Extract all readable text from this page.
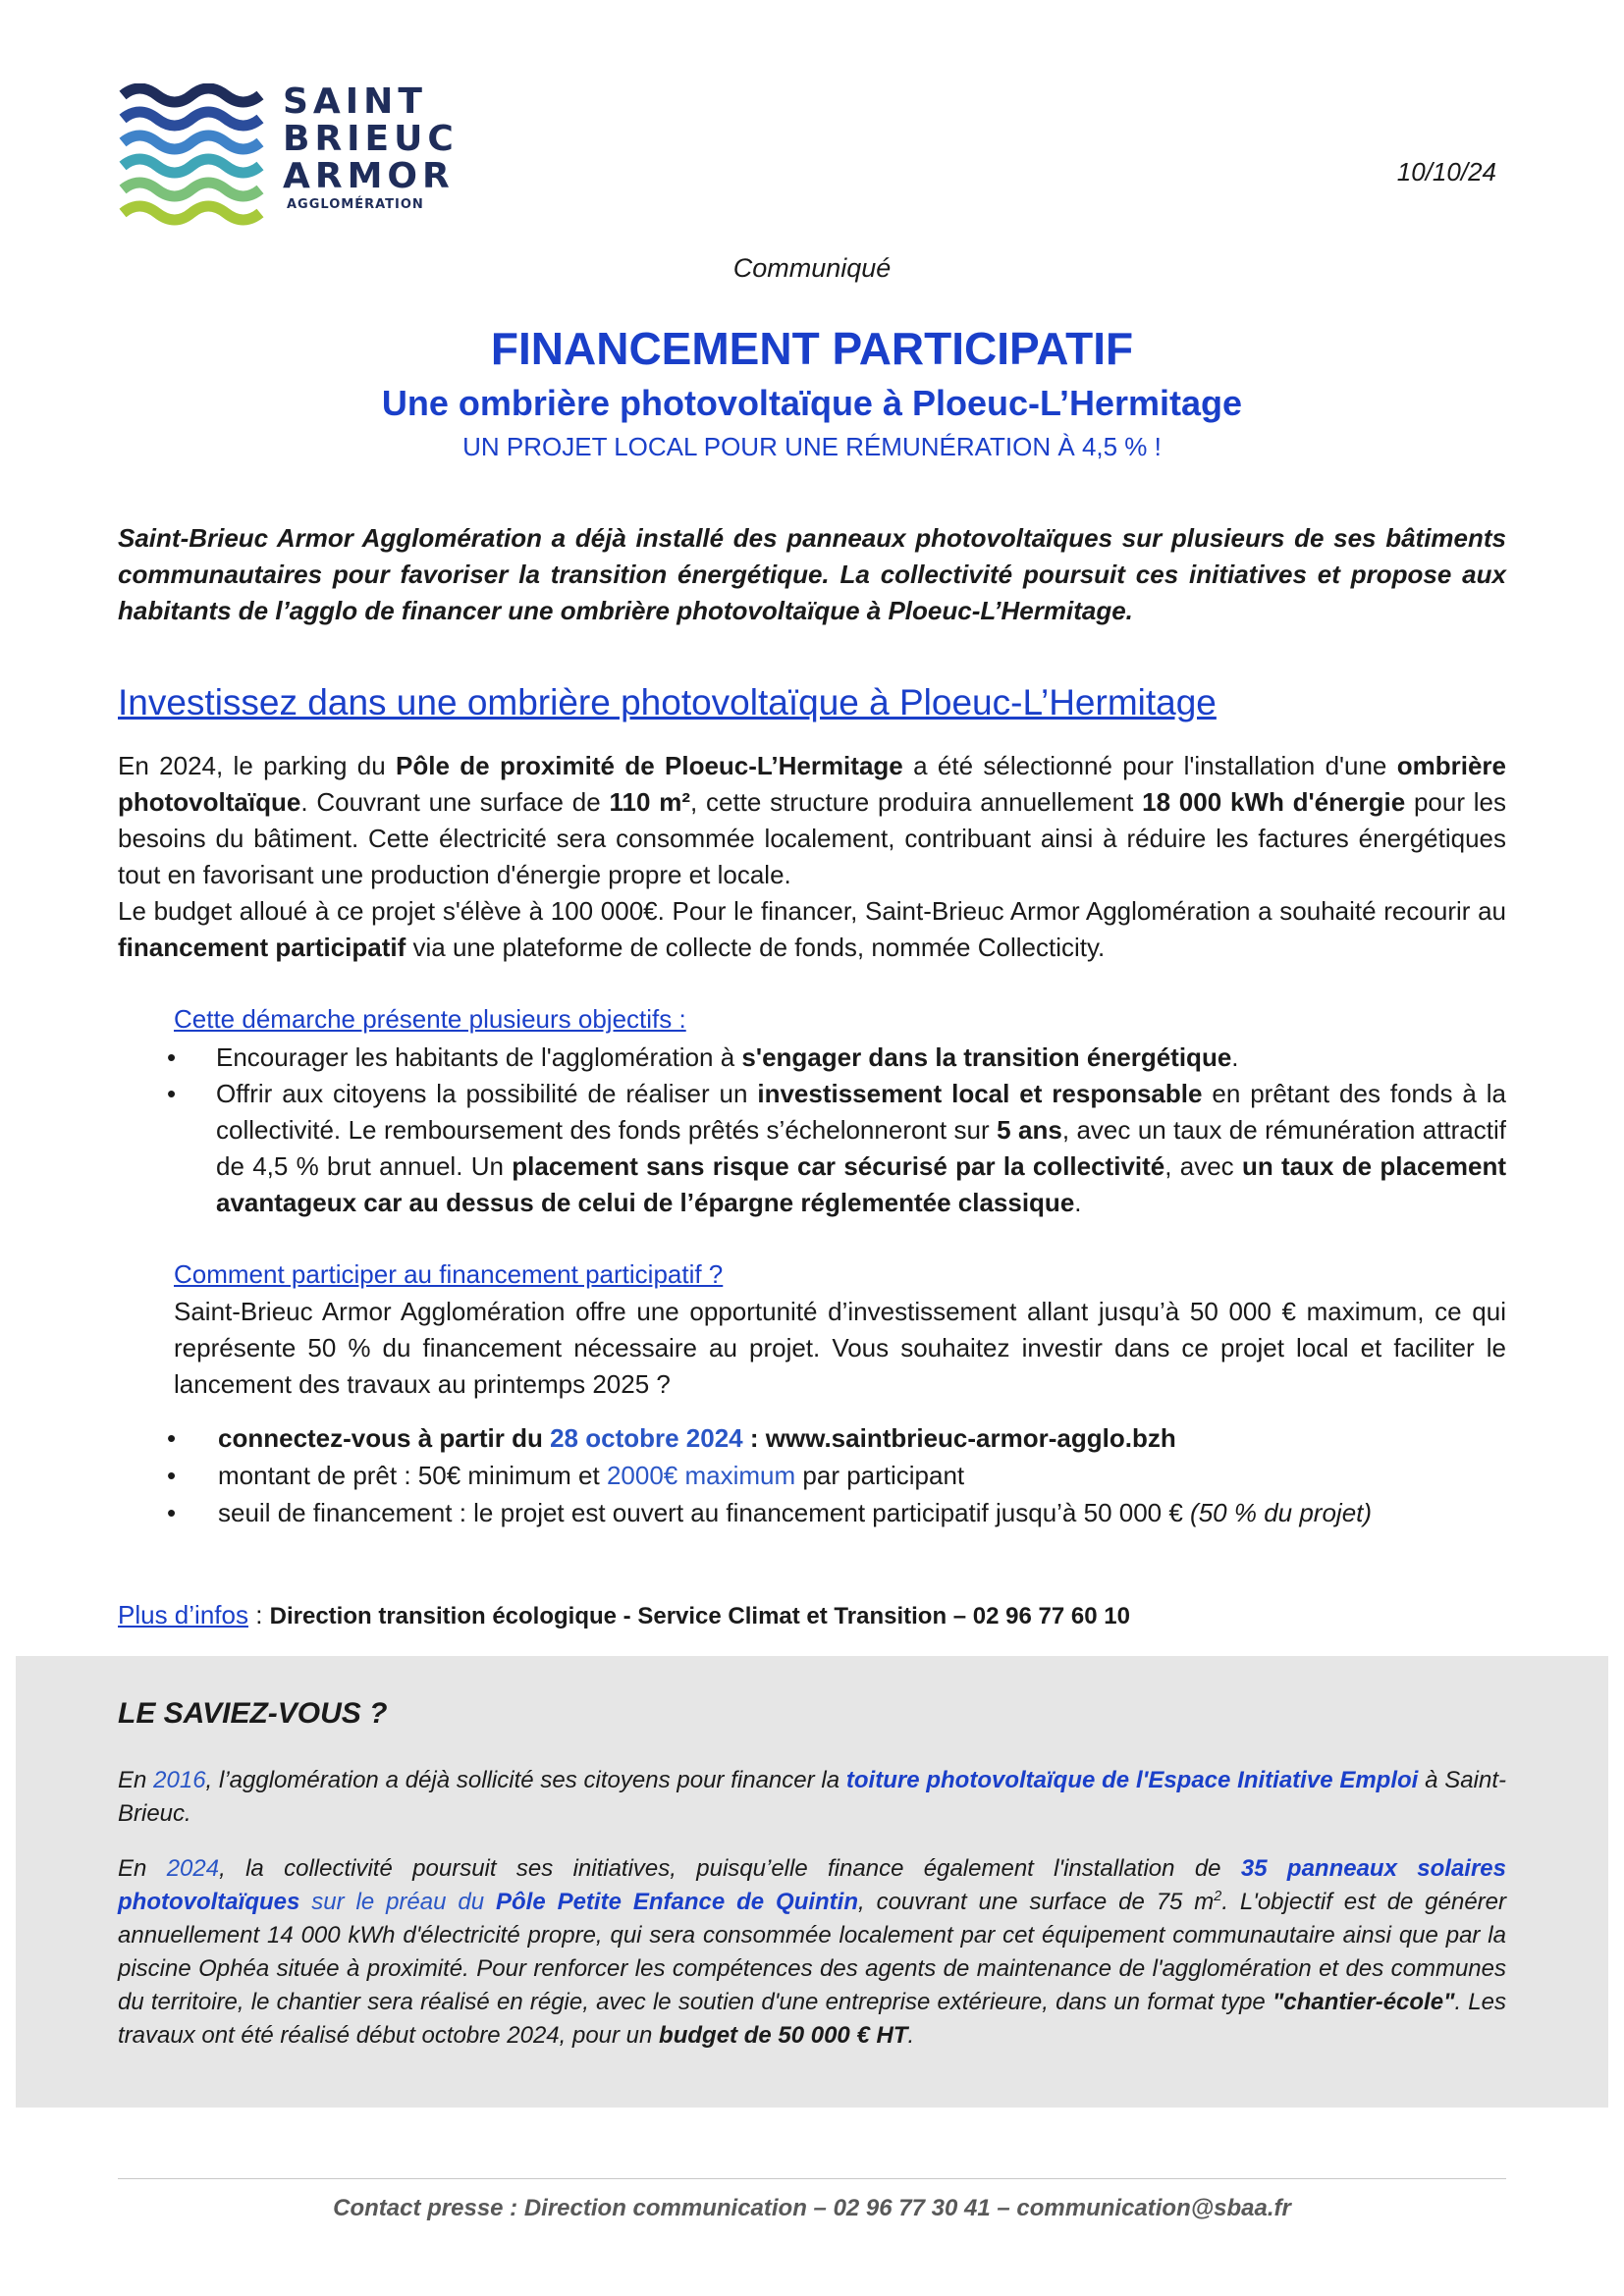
SAINT
BRIEUC
ARMOR
AGGLOMÉRATION
10/10/24
Communiqué
FINANCEMENT PARTICIPATIF
Une ombrière photovoltaïque à Ploeuc-L’Hermitage
UN PROJET LOCAL POUR UNE RÉMUNÉRATION À 4,5 % !
Saint-Brieuc Armor Agglomération a déjà installé des panneaux photovoltaïques sur plusieurs de ses bâtiments communautaires pour favoriser la transition énergétique. La collectivité poursuit ces initiatives et propose aux habitants de l’agglo de financer une ombrière photovoltaïque à Ploeuc-L’Hermitage.
Investissez dans une ombrière photovoltaïque à Ploeuc-L’Hermitage
En 2024, le parking du Pôle de proximité de Ploeuc-L’Hermitage a été sélectionné pour l'installation d'une ombrière photovoltaïque. Couvrant une surface de 110 m², cette structure produira annuellement 18 000 kWh d'énergie pour les besoins du bâtiment. Cette électricité sera consommée localement, contribuant ainsi à réduire les factures énergétiques tout en favorisant une production d'énergie propre et locale.
Le budget alloué à ce projet s'élève à 100 000€. Pour le financer, Saint-Brieuc Armor Agglomération a souhaité recourir au financement participatif via une plateforme de collecte de fonds, nommée Collecticity.
Cette démarche présente plusieurs objectifs :
• Encourager les habitants de l'agglomération à s'engager dans la transition énergétique.
• Offrir aux citoyens la possibilité de réaliser un investissement local et responsable en prêtant des fonds à la collectivité. Le remboursement des fonds prêtés s’échelonneront sur 5 ans, avec un taux de rémunération attractif de 4,5 % brut annuel. Un placement sans risque car sécurisé par la collectivité, avec un taux de placement avantageux car au dessus de celui de l’épargne réglementée classique.
Comment participer au financement participatif ?
Saint-Brieuc Armor Agglomération offre une opportunité d’investissement allant jusqu’à 50 000 € maximum, ce qui représente 50 % du financement nécessaire au projet. Vous souhaitez investir dans ce projet local et faciliter le lancement des travaux au printemps 2025 ?
• connectez-vous à partir du 28 octobre 2024 : www.saintbrieuc-armor-agglo.bzh
• montant de prêt : 50€ minimum et 2000€ maximum par participant
• seuil de financement : le projet est ouvert au financement participatif jusqu’à 50 000 € (50 % du projet)
Plus d’infos : Direction transition écologique - Service Climat et Transition – 02 96 77 60 10
LE SAVIEZ-VOUS ?
En 2016, l’agglomération a déjà sollicité ses citoyens pour financer la toiture photovoltaïque de l'Espace Initiative Emploi à Saint-Brieuc.
En 2024, la collectivité poursuit ses initiatives, puisqu’elle finance également l'installation de 35 panneaux solaires photovoltaïques sur le préau du Pôle Petite Enfance de Quintin, couvrant une surface de 75 $m^2$. L'objectif est de générer annuellement 14 000 kWh d'électricité propre, qui sera consommée localement par cet équipement communautaire ainsi que par la piscine Ophéa située à proximité. Pour renforcer les compétences des agents de maintenance de l'agglomération et des communes du territoire, le chantier sera réalisé en régie, avec le soutien d'une entreprise extérieure, dans un format type "chantier-école". Les travaux ont été réalisé début octobre 2024, pour un budget de 50 000 € HT.
Contact presse : Direction communication – 02 96 77 30 41 – communication@sbaa.fr
